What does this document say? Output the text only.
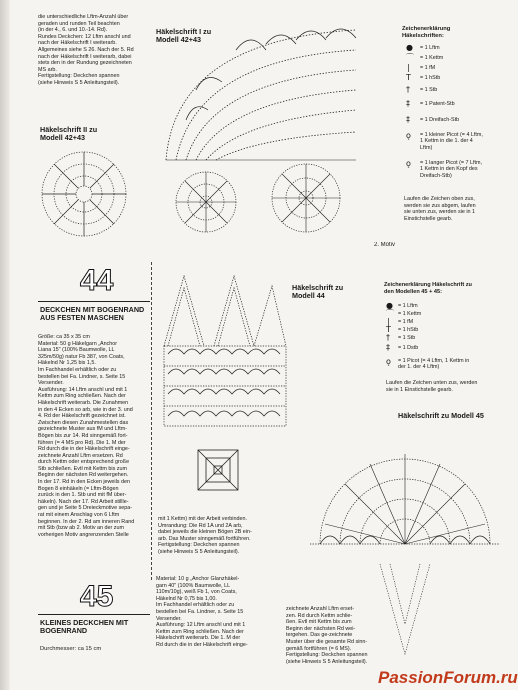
die unterschiedliche Lftm-Anzahl über
geraden und runden Teil beachten
(in der 4., 6. und 10.-14. Rd).
Rundes Deckchen: 12 Lftm anschl und
nach der Häkelschrift I weiterarb.
Allgemeines siehe S 26. Nach der 5. Rd
nach der Häkelschrift I weiterarb, dabei
stets den in der Rundung gezeichneten
MS arb.
Fertigstellung: Deckchen spannen
(siehe Hinweis S 5 Anleitungsteil).
Häkelschrift II zu
Modell 42+43
Häkelschrift I zu
Modell 42+43
Zeichenerklärung
Häkelschriften:
● = 1 Lftm
⌒ = 1 Kettm
| = 1 fM
T = 1 hStb
† = 1 Stb
‡ = 1 Patent-Stb
‡ = 1 Dreifach-Stb
ǫ = 1 kleiner Picot (= 4 Lftm,
1 Kettm in die 1. der 4
Lftm)
ǫ = 1 langer Picot (= 7 Lftm,
1 Kettm in den Kopf des
Dreifach-Stb)
Laufen die Zeichen oben zus,
werden sie zus abgem, laufen
sie unten zus, werden sie in 1
Einstichstelle gearb.
2. Motiv
44
DECKCHEN MIT BOGENRAND
AUS FESTEN MASCHEN
Größe: ca 35 x 35 cm
Material: 50 g Häkelgarn „Anchor
Liana 15" (100% Baumwolle, LL
325m/50g) natur Fb 387, von Coats,
Häkelnd Nr 1,25 bis 1,5.
Im Fachhandel erhältlich oder zu
bestellen bei Fa. Lindner, s. Seite 15
Versender.
Ausführung: 14 Lftm anschl und mit 1
Kettm zum Ring schließen. Nach der
Häkelschrift weiterarb. Die Zunahmen
in den 4 Ecken so arb, wie in der 3. und
4. Rd der Häkelschrift gezeichnet ist.
Zwischen diesen Zunahmestellen das
gezeichnete Muster aus fM und Lftm-
Bögen bis zur 14. Rd sinngemäß fort-
führen (= 4 MS pro Rd). Die 1. M der
Rd durch die in der Häkelschrift einge-
zeichnete Anzahl Lftm ersetzen. Rd
durch Kettm oder entsprechend große
Stb schließen. Evtl mit Kettm bis zum
Beginn der nächsten Rd weitergehen.
In der 17. Rd in den Ecken jeweils den
Bogen 8 einhäkeln (= Lftm-Bögen
zurück in den 1. Stb und mit fM über-
häkeln). Nach der 17. Rd Arbeit stillle-
gen und je Seite 5 Dreieckmotive sepa-
rat mit einem Anschlag von 6 Lftm
beginnen. In der 2. Rd am inneren Rand
mit Stb (bzw ab 2. Motiv an der zum
vorherigen Motiv angrenzenden Stelle
Häkelschrift zu
Modell 44
Zeichenerklärung Häkelschrift zu
den Modellen 45 + 45:
● = 1 Lftm
⌒ = 1 Kettm
| = 1 fM
T = 1 hStb
† = 1 Stb
‡ = 1 Dstb
ǫ = 1 Picot (= 4 Lftm, 1 Kettm in
der 1. der 4 Lftm)
Laufen die Zeichen unten zus, werden
sie in 1 Einstichstelle gearb.
Häkelschrift zu Modell 45
mit 1 Kettm) mit der Arbeit verbinden.
Umrandung: Die Rd 1A und 2A arb,
dabei jeweils die kleinen Bögen 2B ein-
arb. Das Muster sinngemäß fortführen.
Fertigstellung: Deckchen spannen
(siehe Hinweis S 5 Anleitungsteil).
45
KLEINES DECKCHEN MIT
BOGENRAND
Durchmesser: ca 15 cm
Material: 10 g „Anchor Glanzhäkel-
garn 40" (100% Baumwolle, LL
110m/10g), weiß Fb 1, von Coats,
Häkelnd Nr 0,75 bis 1,00.
Im Fachhandel erhältlich oder zu
bestellen bei Fa. Lindner, s. Seite 15
Versender.
Ausführung: 12 Lftm anschl und mit 1
Kettm zum Ring schließen. Nach der
Häkelschrift weiterarb. Die 1. M der
Rd durch die in der Häkelschrift einge-
zeichnete Anzahl Lftm erset-
zen. Rd durch Kettm schlie-
ßen. Evtl mit Kettm bis zum
Beginn der nächsten Rd wei-
tergehen. Das ge-zeichnete
Muster über die gesamte Rd sinn-
gemäß fortführen (= 6 MS).
Fertigstellung: Deckchen spannen
(siehe Hinweis S 5 Anleitungsteil).
PassionForum.ru
